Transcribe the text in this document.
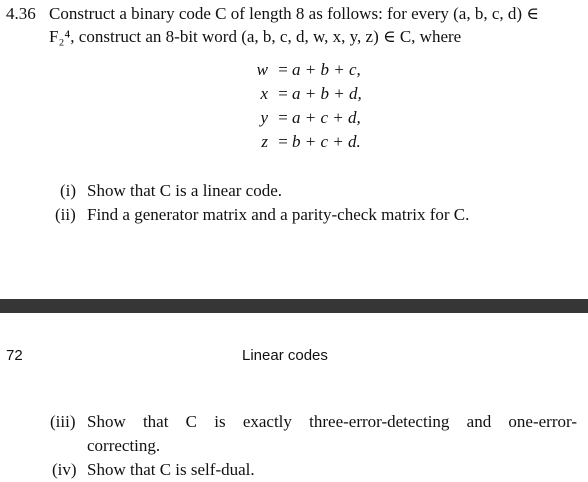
4.36 Construct a binary code C of length 8 as follows: for every (a, b, c, d) ∈
F₂⁴, construct an 8-bit word (a, b, c, d, w, x, y, z) ∈ C, where
w = a + b + c,
x = a + b + d,
y = a + c + d,
z = b + c + d.
(i) Show that C is a linear code.
(ii) Find a generator matrix and a parity-check matrix for C.
72	Linear codes
(iii) Show that C is exactly three-error-detecting and one-error-
correcting.
(iv) Show that C is self-dual.
